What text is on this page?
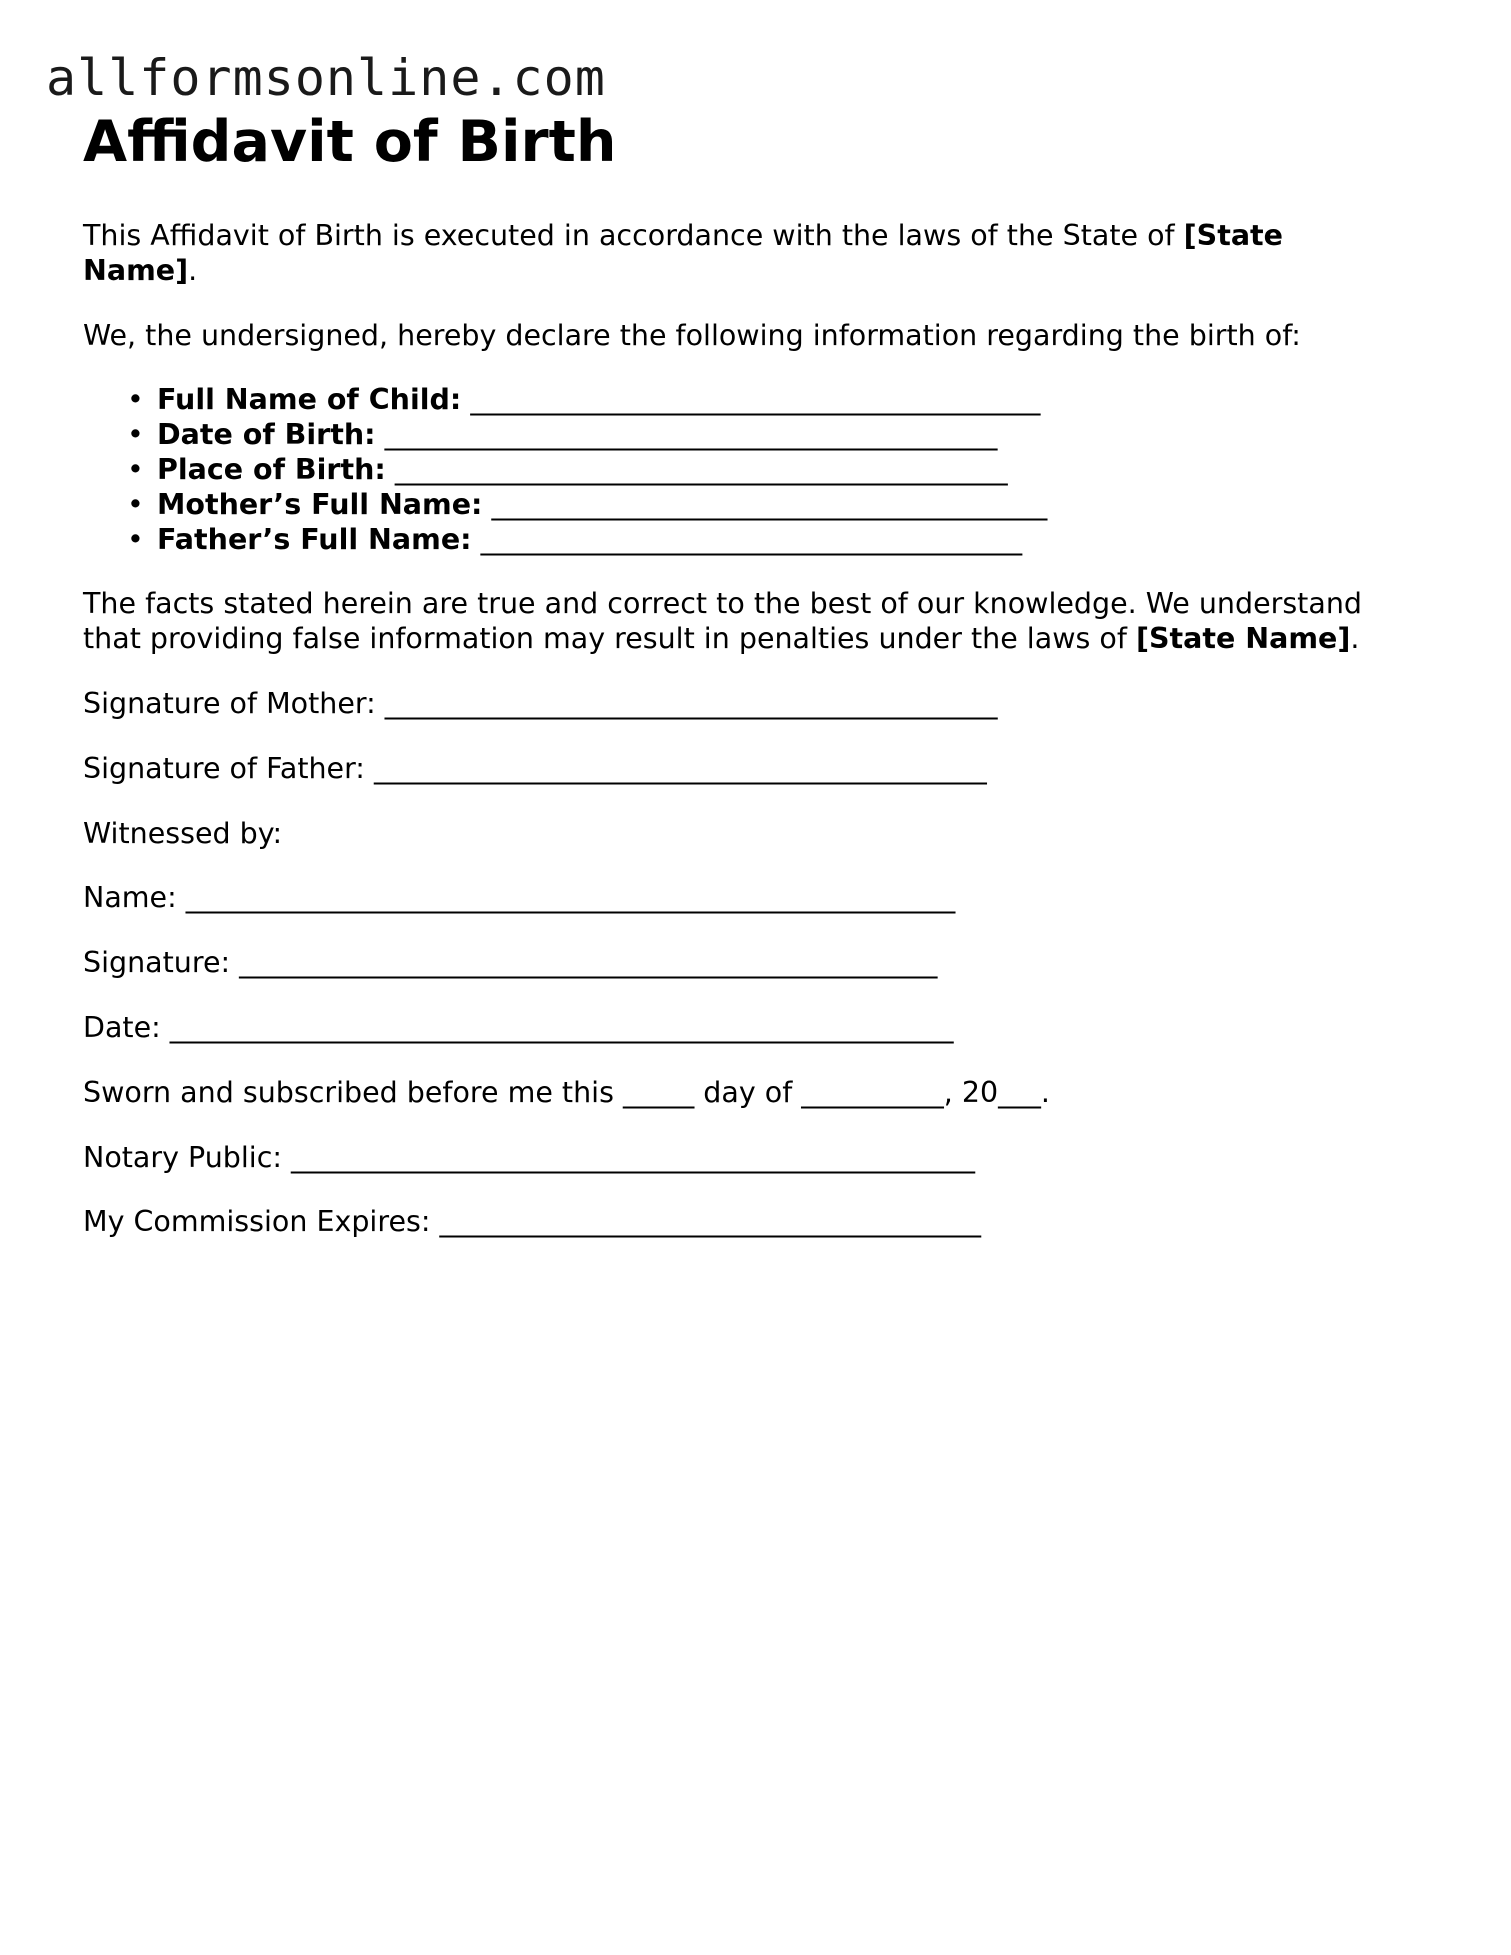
allformsonline.com
Affidavit of Birth

This Affidavit of Birth is executed in accordance with the laws of the State of [State
Name].

We, the undersigned, hereby declare the following information regarding the birth of:

• Full Name of Child: ________________________________________
• Date of Birth: ___________________________________________
• Place of Birth: ___________________________________________
• Mother’s Full Name: _______________________________________
• Father’s Full Name: ______________________________________

The facts stated herein are true and correct to the best of our knowledge. We understand
that providing false information may result in penalties under the laws of [State Name].

Signature of Mother: ___________________________________________

Signature of Father: ___________________________________________

Witnessed by:

Name: ______________________________________________________

Signature: _________________________________________________

Date: _______________________________________________________

Sworn and subscribed before me this _____ day of __________, 20___.

Notary Public: ________________________________________________

My Commission Expires: ______________________________________
